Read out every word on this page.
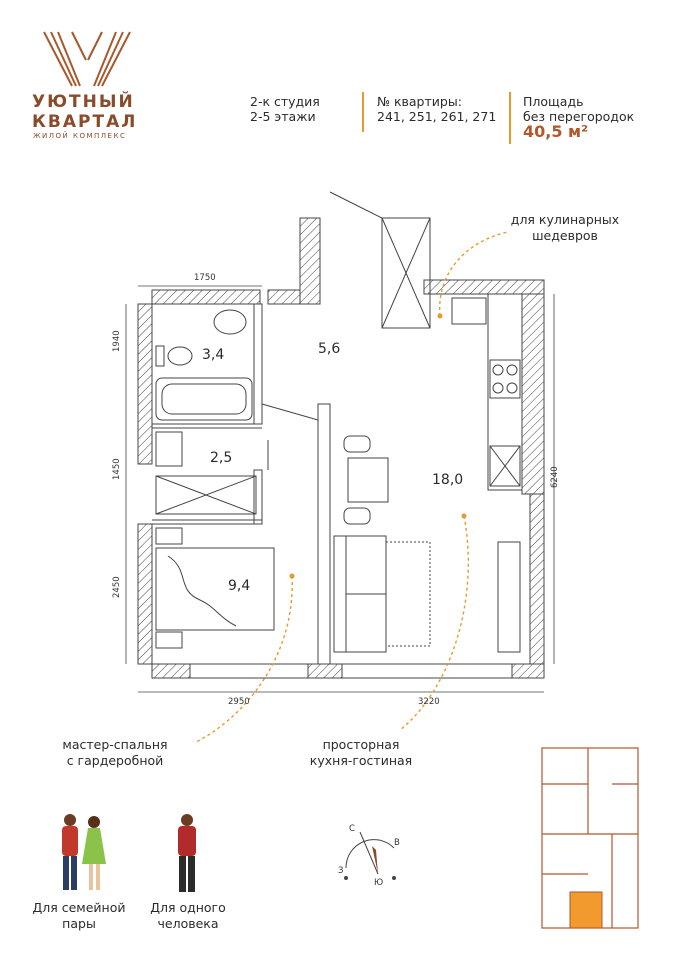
УЮТНЫЙ
КВАРТАЛ
ЖИЛОЙ КОМПЛЕКС
2-к студия
2-5 этажи
№ квартиры:
241, 251, 261, 271
Площадь
без перегородок
40,5 м²
3,4	5,6
2,5
9,4
18,0
1750
1940
1450
2450
6240
2950	3220
для кулинарных
шедевров
мастер-спальня
с гардеробной
просторная
кухня-гостиная
Для семейной
пары
Для одного
человека
С
В
Ю
З
